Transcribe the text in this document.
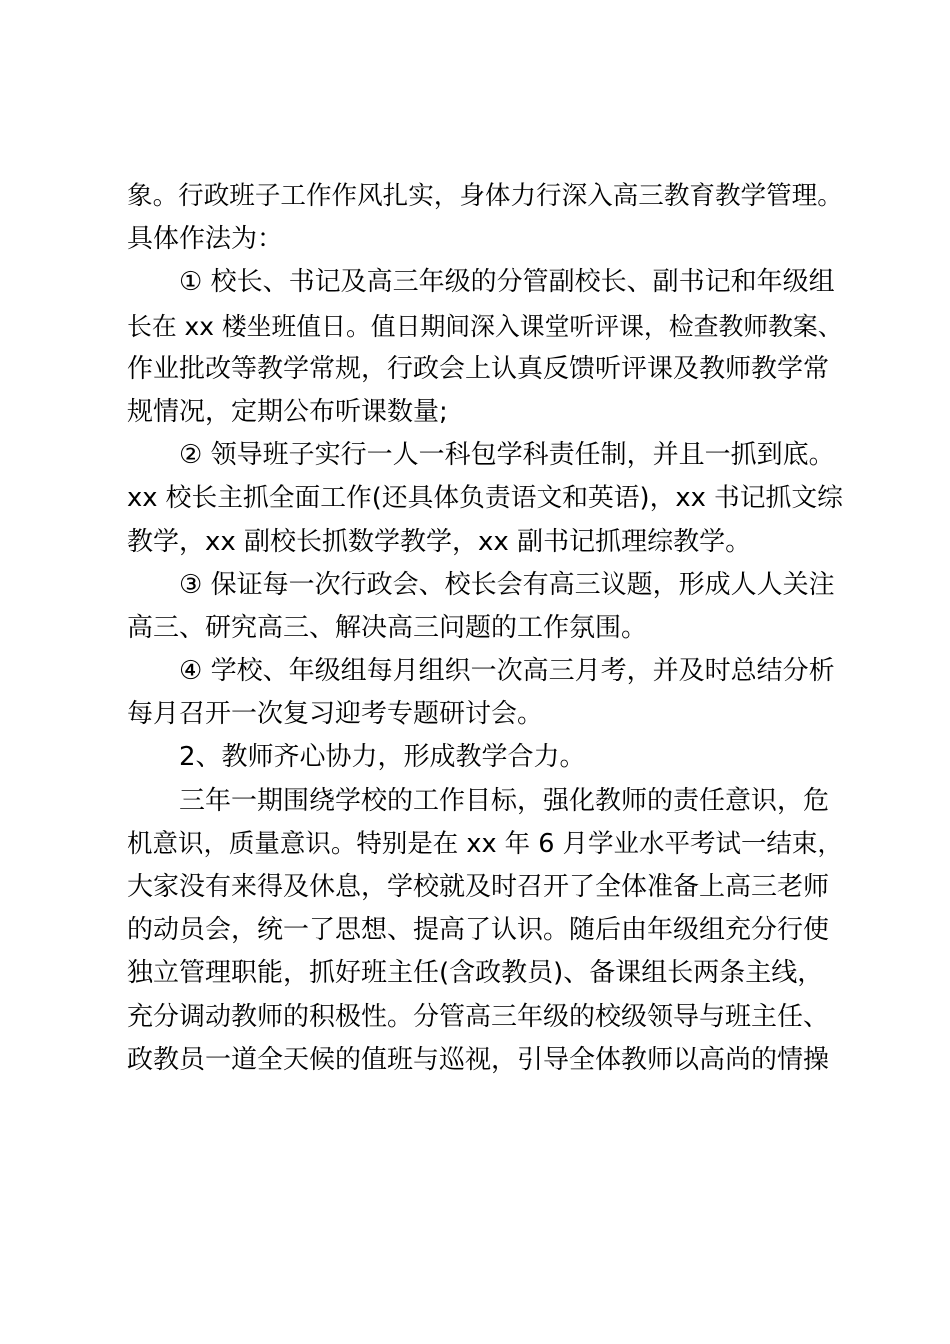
象。行政班子工作作风扎实，身体力行深入高三教育教学管理。
具体作法为：
① 校长、书记及高三年级的分管副校长、副书记和年级组
长在 xx 楼坐班值日。值日期间深入课堂听评课，检查教师教案、
作业批改等教学常规，行政会上认真反馈听评课及教师教学常
规情况，定期公布听课数量;
② 领导班子实行一人一科包学科责任制，并且一抓到底。
xx 校长主抓全面工作(还具体负责语文和英语)，xx 书记抓文综
教学，xx 副校长抓数学教学，xx 副书记抓理综教学。
③ 保证每一次行政会、校长会有高三议题，形成人人关注
高三、研究高三、解决高三问题的工作氛围。
④ 学校、年级组每月组织一次高三月考，并及时总结分析
每月召开一次复习迎考专题研讨会。
2、教师齐心协力，形成教学合力。
三年一期围绕学校的工作目标，强化教师的责任意识，危
机意识，质量意识。特别是在 xx 年 6 月学业水平考试一结束，
大家没有来得及休息，学校就及时召开了全体准备上高三老师
的动员会，统一了思想、提高了认识。随后由年级组充分行使
独立管理职能，抓好班主任(含政教员)、备课组长两条主线，
充分调动教师的积极性。分管高三年级的校级领导与班主任、
政教员一道全天候的值班与巡视，引导全体教师以高尚的情操
